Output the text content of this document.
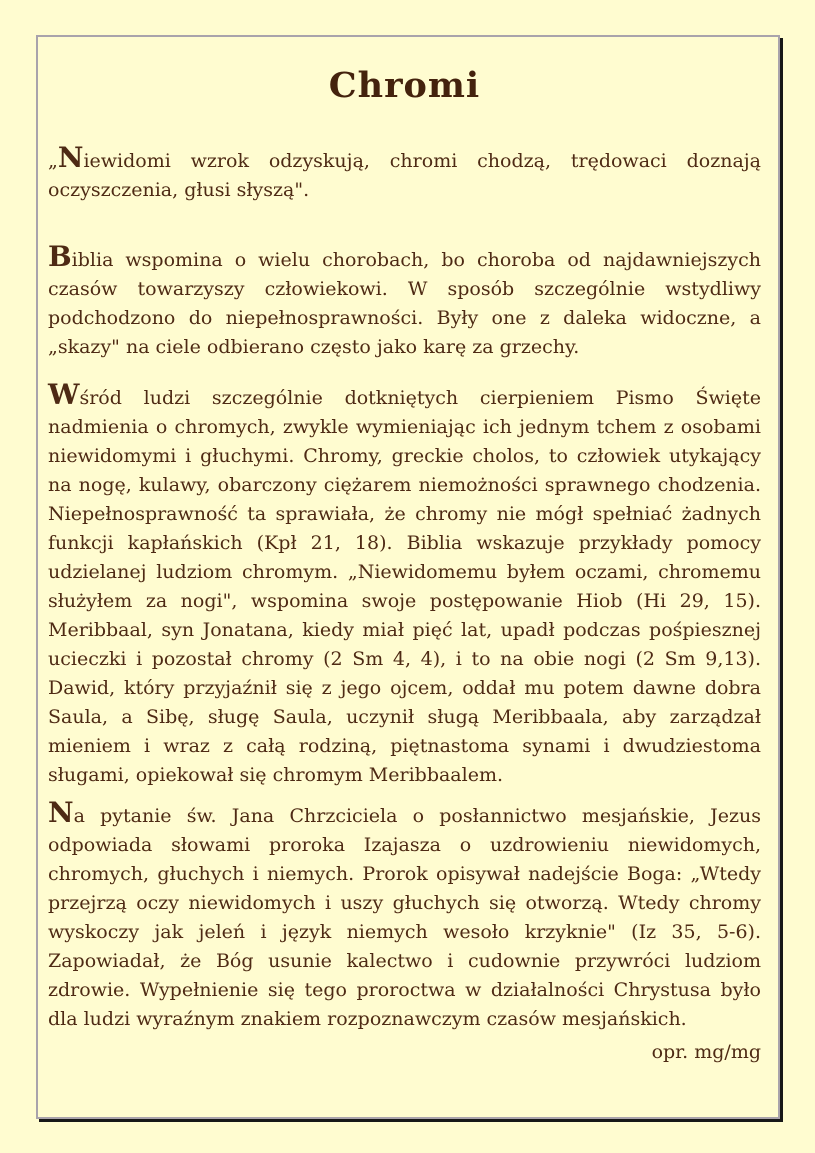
Chromi

„Niewidomi wzrok odzyskują, chromi chodzą, trędowaci doznają oczyszczenia, głusi słyszą".

Biblia wspomina o wielu chorobach, bo choroba od najdawniejszych czasów towarzyszy człowiekowi. W sposób szczególnie wstydliwy podchodzono do niepełnosprawności. Były one z daleka widoczne, a „skazy" na ciele odbierano często jako karę za grzechy.

Wśród ludzi szczególnie dotkniętych cierpieniem Pismo Święte nadmienia o chromych, zwykle wymieniając ich jednym tchem z osobami niewidomymi i głuchymi. Chromy, greckie cholos, to człowiek utykający na nogę, kulawy, obarczony ciężarem niemożności sprawnego chodzenia. Niepełnosprawność ta sprawiała, że chromy nie mógł spełniać żadnych funkcji kapłańskich (Kpł 21, 18). Biblia wskazuje przykłady pomocy udzielanej ludziom chromym. „Niewidomemu byłem oczami, chromemu służyłem za nogi", wspomina swoje postępowanie Hiob (Hi 29, 15). Meribbaal, syn Jonatana, kiedy miał pięć lat, upadł podczas pośpiesznej ucieczki i pozostał chromy (2 Sm 4, 4), i to na obie nogi (2 Sm 9,13). Dawid, który przyjaźnił się z jego ojcem, oddał mu potem dawne dobra Saula, a Sibę, sługę Saula, uczynił sługą Meribbaala, aby zarządzał mieniem i wraz z całą rodziną, piętnastoma synami i dwudziestoma sługami, opiekował się chromym Meribbaalem.

Na pytanie św. Jana Chrzciciela o posłannictwo mesjańskie, Jezus odpowiada słowami proroka Izajasza o uzdrowieniu niewidomych, chromych, głuchych i niemych. Prorok opisywał nadejście Boga: „Wtedy przejrzą oczy niewidomych i uszy głuchych się otworzą. Wtedy chromy wyskoczy jak jeleń i język niemych wesoło krzyknie" (Iz 35, 5-6). Zapowiadał, że Bóg usunie kalectwo i cudownie przywróci ludziom zdrowie. Wypełnienie się tego proroctwa w działalności Chrystusa było dla ludzi wyraźnym znakiem rozpoznawczym czasów mesjańskich.

opr. mg/mg
